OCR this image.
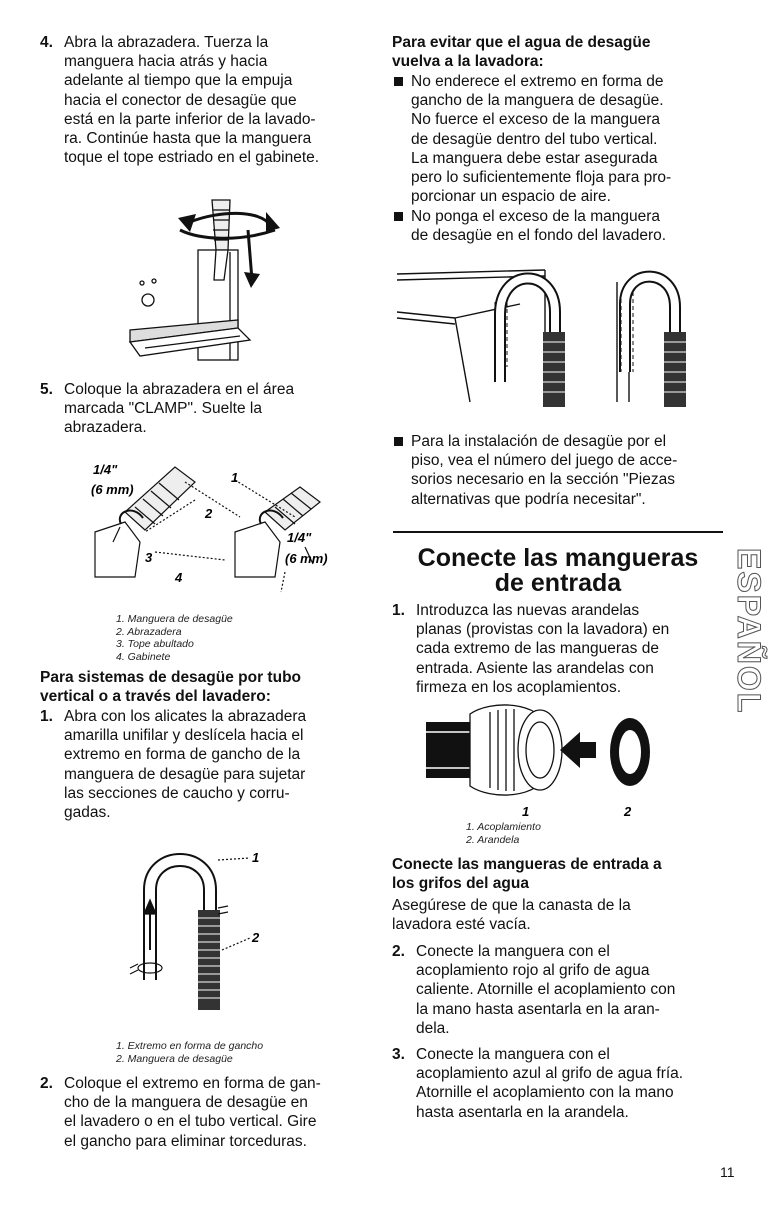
4. Abra la abrazadera. Tuerza la
manguera hacia atrás y hacia
adelante al tiempo que la empuja
hacia el conector de desagüe que
está en la parte inferior de la lavado-
ra. Continúe hasta que la manguera
toque el tope estriado en el gabinete.
5. Coloque la abrazadera en el área
marcada "CLAMP". Suelte la
abrazadera.
1/4"
(6 mm)
1
2
3
4
1/4"
(6 mm)
1. Manguera de desagüe
2. Abrazadera
3. Tope abultado
4. Gabinete
Para sistemas de desagüe por tubo
vertical o a través del lavadero:
1. Abra con los alicates la abrazadera
amarilla unifilar y deslícela hacia el
extremo en forma de gancho de la
manguera de desagüe para sujetar
las secciones de caucho y corru-
gadas.
1
2
1. Extremo en forma de gancho
2. Manguera de desagüe
2. Coloque el extremo en forma de gan-
cho de la manguera de desagüe en
el lavadero o en el tubo vertical. Gire
el gancho para eliminar torceduras.
Para evitar que el agua de desagüe
vuelva a la lavadora:
No enderece el extremo en forma de
gancho de la manguera de desagüe.
No fuerce el exceso de la manguera
de desagüe dentro del tubo vertical.
La manguera debe estar asegurada
pero lo suficientemente floja para pro-
porcionar un espacio de aire.
No ponga el exceso de la manguera
de desagüe en el fondo del lavadero.
Para la instalación de desagüe por el
piso, vea el número del juego de acce-
sorios necesario en la sección "Piezas
alternativas que podría necesitar".
Conecte las mangueras
de entrada
1. Introduzca las nuevas arandelas
planas (provistas con la lavadora) en
cada extremo de las mangueras de
entrada. Asiente las arandelas con
firmeza en los acoplamientos.
1	2
1. Acoplamiento
2. Arandela
Conecte las mangueras de entrada a
los grifos del agua
Asegúrese de que la canasta de la
lavadora esté vacía.
2. Conecte la manguera con el
acoplamiento rojo al grifo de agua
caliente. Atornille el acoplamiento con
la mano hasta asentarla en la aran-
dela.
3. Conecte la manguera con el
acoplamiento azul al grifo de agua fría.
Atornille el acoplamiento con la mano
hasta asentarla en la arandela.
ESPAÑOL
11
